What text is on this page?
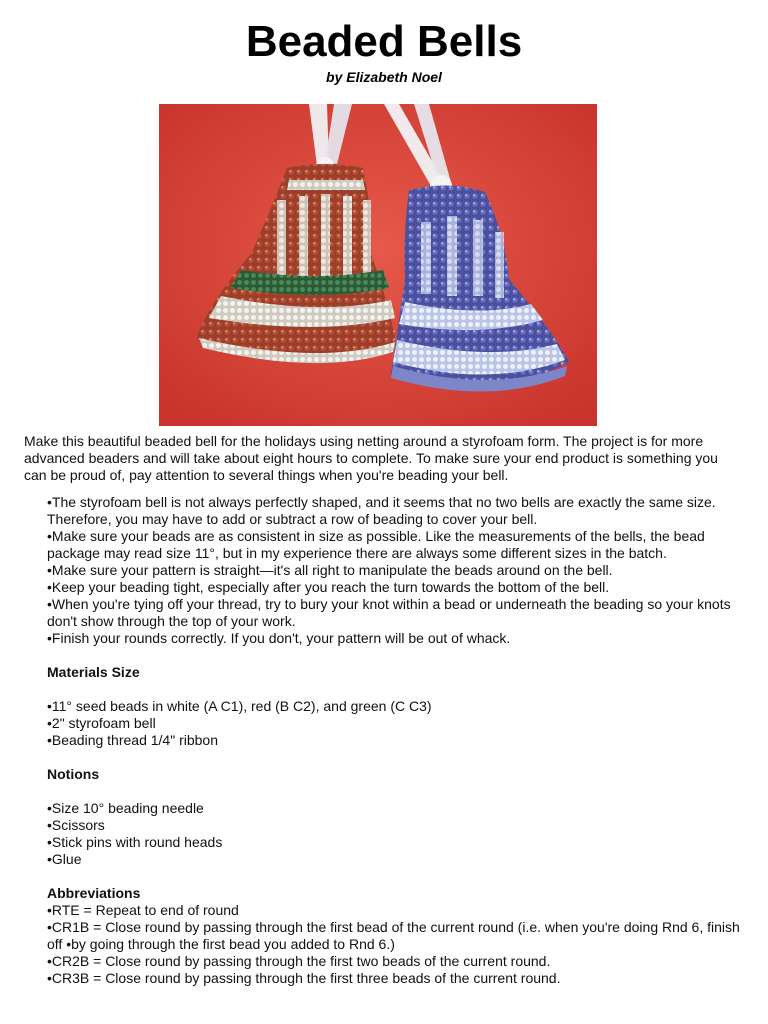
Beaded Bells
by Elizabeth Noel

Make this beautiful beaded bell for the holidays using netting around a styrofoam form. The project is for more advanced beaders and will take about eight hours to complete. To make sure your end product is something you can be proud of, pay attention to several things when you're beading your bell.

•The styrofoam bell is not always perfectly shaped, and it seems that no two bells are exactly the same size. Therefore, you may have to add or subtract a row of beading to cover your bell.

•Make sure your beads are as consistent in size as possible. Like the measurements of the bells, the bead package may read size 11°, but in my experience there are always some different sizes in the batch.

•Make sure your pattern is straight—it's all right to manipulate the beads around on the bell.

•Keep your beading tight, especially after you reach the turn towards the bottom of the bell.

•When you're tying off your thread, try to bury your knot within a bead or underneath the beading so your knots don't show through the top of your work.

•Finish your rounds correctly. If you don't, your pattern will be out of whack.

Materials Size

•11° seed beads in white (A C1), red (B C2), and green (C C3)

•2" styrofoam bell

•Beading thread 1/4" ribbon

Notions

•Size 10° beading needle

•Scissors

•Stick pins with round heads

•Glue

Abbreviations

•RTE = Repeat to end of round

•CR1B = Close round by passing through the first bead of the current round (i.e. when you're doing Rnd 6, finish off •by going through the first bead you added to Rnd 6.)

•CR2B = Close round by passing through the first two beads of the current round.

•CR3B = Close round by passing through the first three beads of the current round.
